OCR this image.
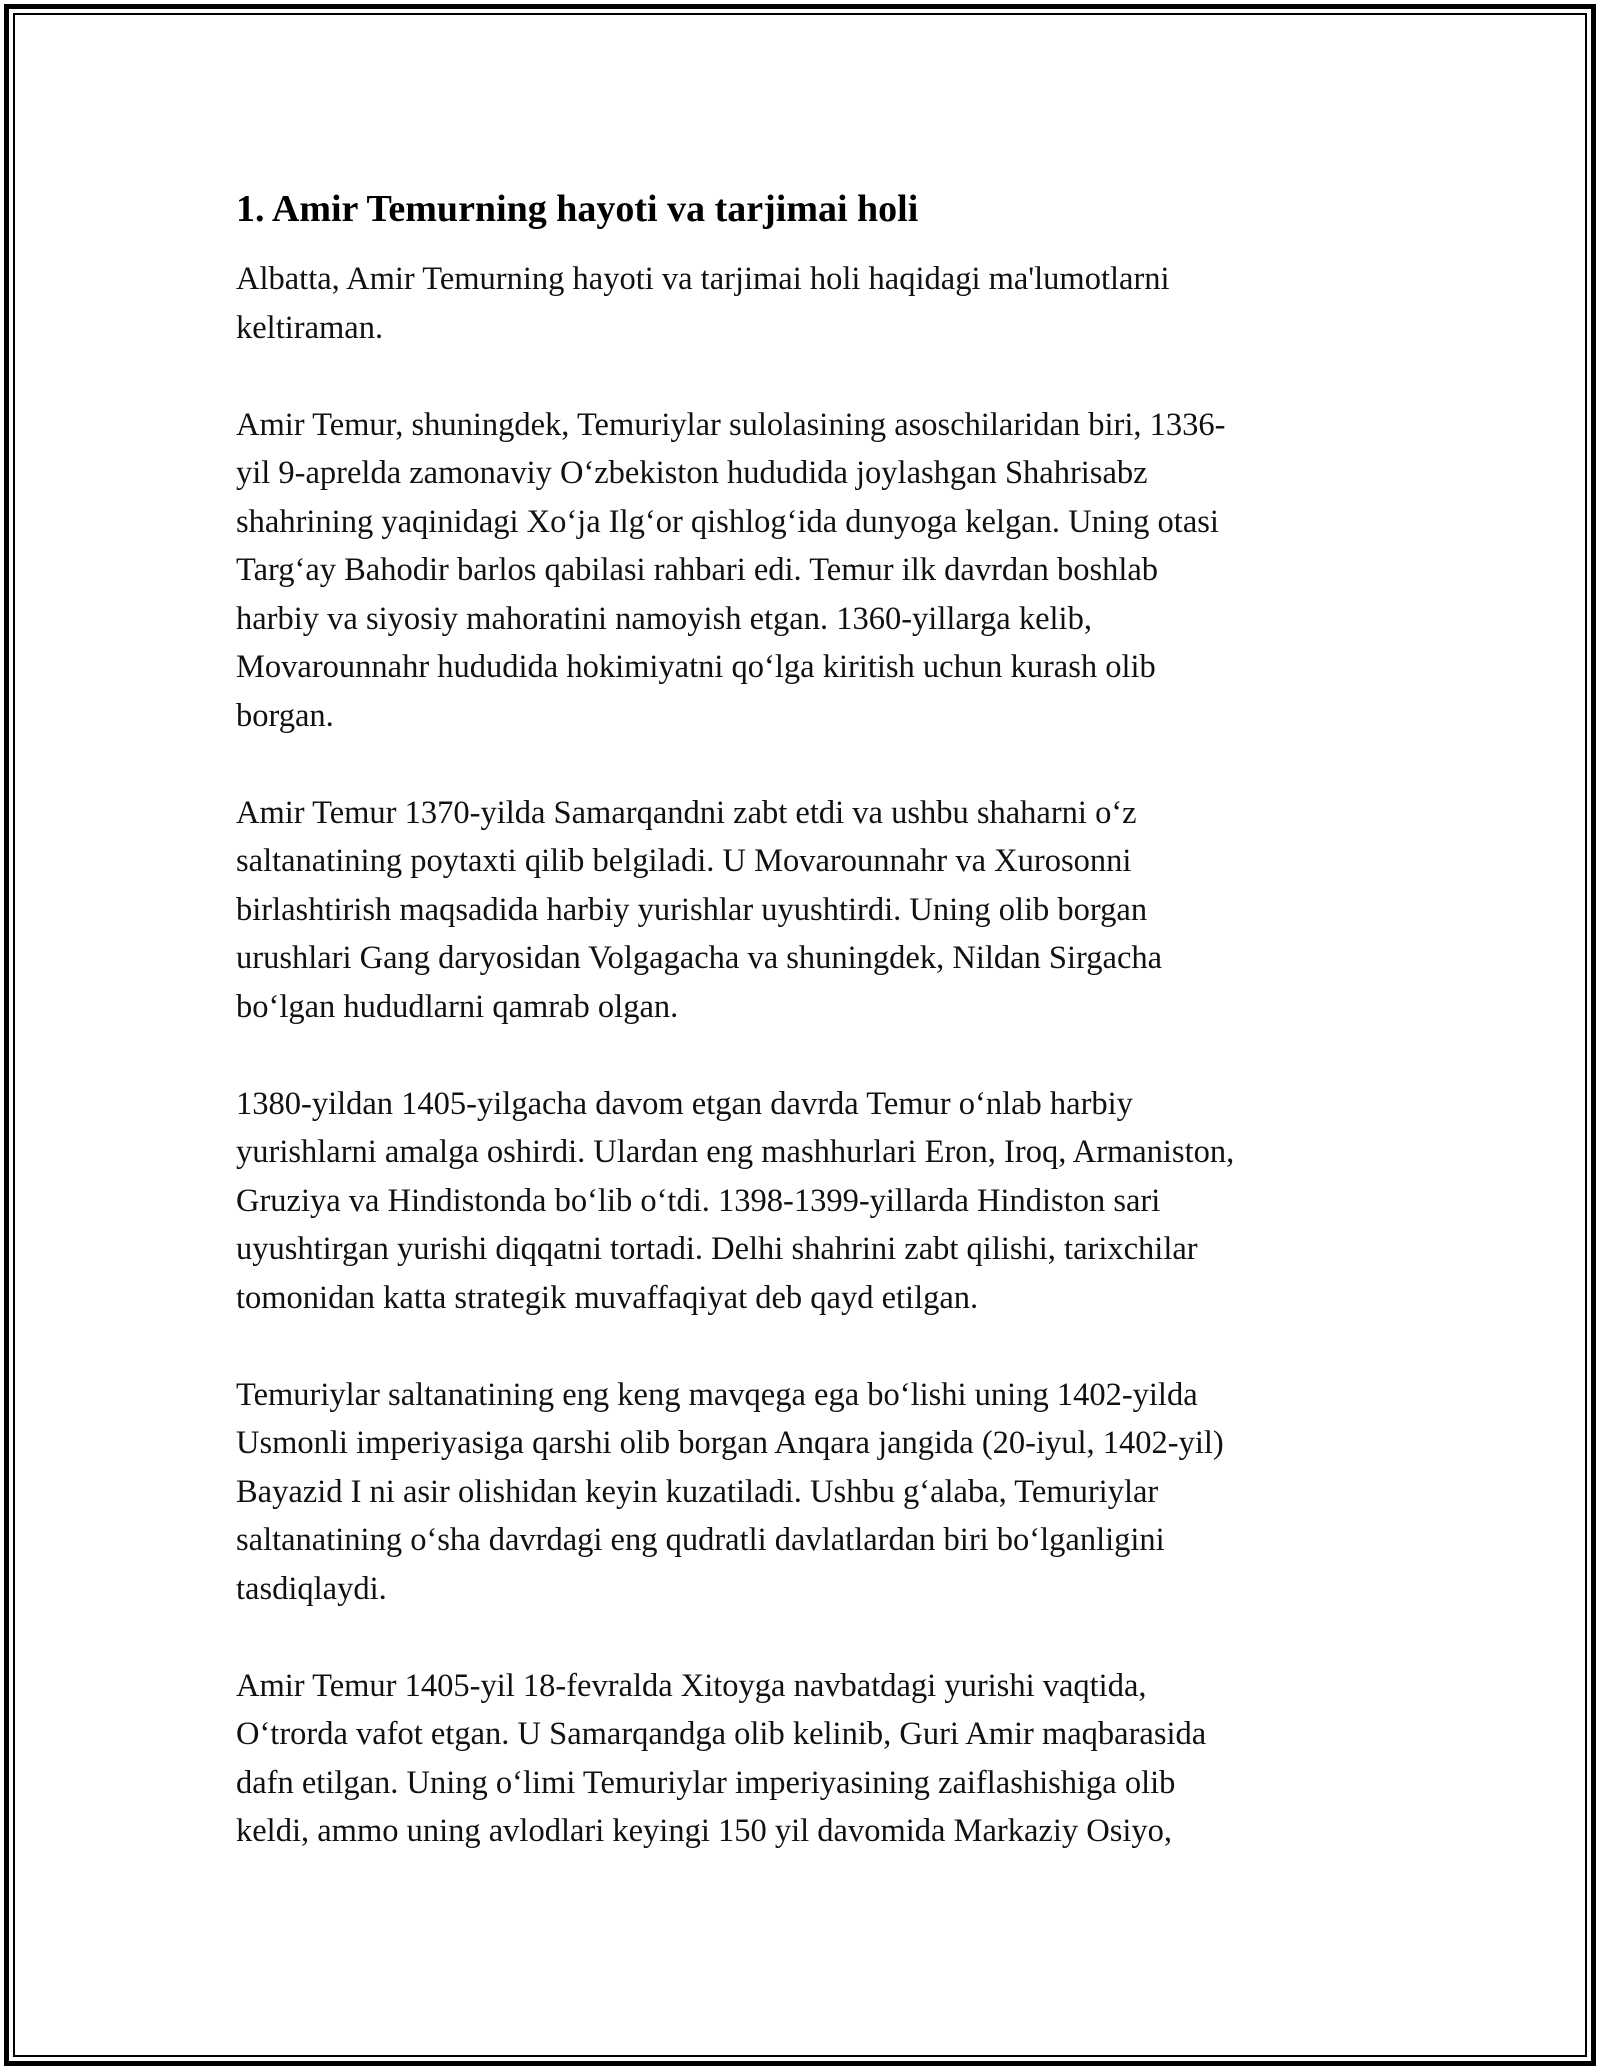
1. Amir Temurning hayoti va tarjimai holi

Albatta, Amir Temurning hayoti va tarjimai holi haqidagi ma'lumotlarni
keltiraman.

Amir Temur, shuningdek, Temuriylar sulolasining asoschilaridan biri, 1336-
yil 9-aprelda zamonaviy O‘zbekiston hududida joylashgan Shahrisabz
shahrining yaqinidagi Xo‘ja Ilg‘or qishlog‘ida dunyoga kelgan. Uning otasi
Targ‘ay Bahodir barlos qabilasi rahbari edi. Temur ilk davrdan boshlab
harbiy va siyosiy mahoratini namoyish etgan. 1360-yillarga kelib,
Movarounnahr hududida hokimiyatni qo‘lga kiritish uchun kurash olib
borgan.

Amir Temur 1370-yilda Samarqandni zabt etdi va ushbu shaharni o‘z
saltanatining poytaxti qilib belgiladi. U Movarounnahr va Xurosonni
birlashtirish maqsadida harbiy yurishlar uyushtirdi. Uning olib borgan
urushlari Gang daryosidan Volgagacha va shuningdek, Nildan Sirgacha
bo‘lgan hududlarni qamrab olgan.

1380-yildan 1405-yilgacha davom etgan davrda Temur o‘nlab harbiy
yurishlarni amalga oshirdi. Ulardan eng mashhurlari Eron, Iroq, Armaniston,
Gruziya va Hindistonda bo‘lib o‘tdi. 1398-1399-yillarda Hindiston sari
uyushtirgan yurishi diqqatni tortadi. Delhi shahrini zabt qilishi, tarixchilar
tomonidan katta strategik muvaffaqiyat deb qayd etilgan.

Temuriylar saltanatining eng keng mavqega ega bo‘lishi uning 1402-yilda
Usmonli imperiyasiga qarshi olib borgan Anqara jangida (20-iyul, 1402-yil)
Bayazid I ni asir olishidan keyin kuzatiladi. Ushbu g‘alaba, Temuriylar
saltanatining o‘sha davrdagi eng qudratli davlatlardan biri bo‘lganligini
tasdiqlaydi.

Amir Temur 1405-yil 18-fevralda Xitoyga navbatdagi yurishi vaqtida,
O‘trorda vafot etgan. U Samarqandga olib kelinib, Guri Amir maqbarasida
dafn etilgan. Uning o‘limi Temuriylar imperiyasining zaiflashishiga olib
keldi, ammo uning avlodlari keyingi 150 yil davomida Markaziy Osiyo,
